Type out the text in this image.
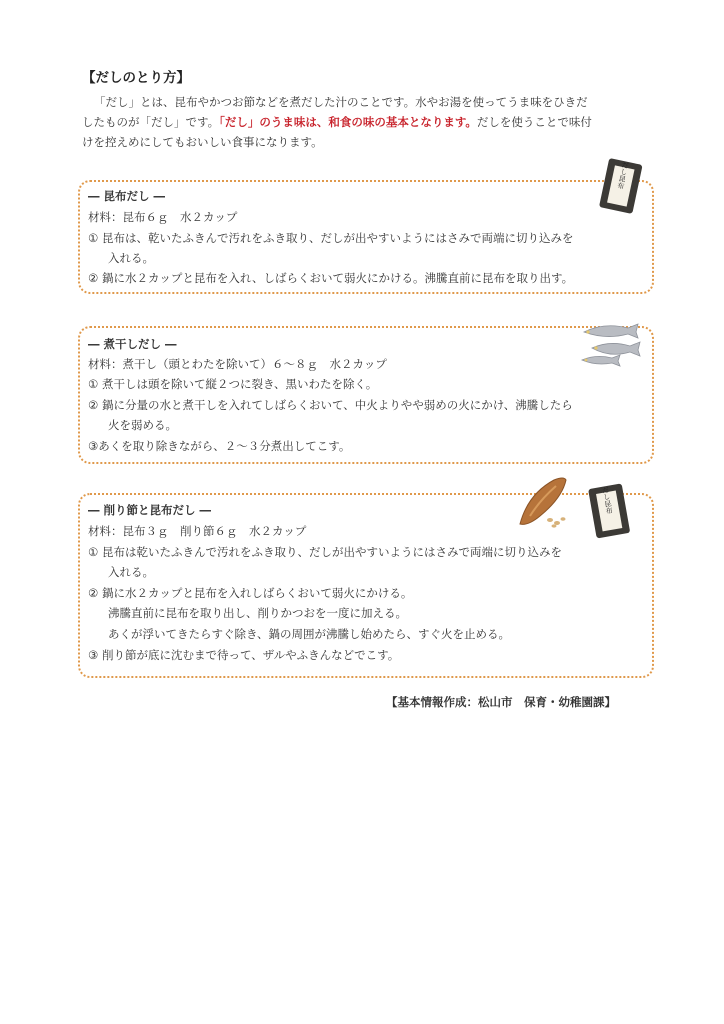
【だしのとり方】
「だし」とは、昆布やかつお節などを煮だした汁のことです。水やお湯を使ってうま味をひきだ
したものが「だし」です。「だし」のうま味は、和食の味の基本となります。だしを使うことで味付
けを控えめにしてもおいしい食事になります。
― 昆布だし ―
材料：昆布６ｇ　水２カップ
① 昆布は、乾いたふきんで汚れをふき取り、だしが出やすいようにはさみで両端に切り込みを
入れる。
② 鍋に水２カップと昆布を入れ、しばらくおいて弱火にかける。沸騰直前に昆布を取り出す。
だし昆布
― 煮干しだし ―
材料：煮干し（頭とわたを除いて）６～８ｇ　水２カップ
① 煮干しは頭を除いて縦２つに裂き、黒いわたを除く。
② 鍋に分量の水と煮干しを入れてしばらくおいて、中火よりやや弱めの火にかけ、沸騰したら
火を弱める。
③あくを取り除きながら、２～３分煮出してこす。
― 削り節と昆布だし ―
材料：昆布３ｇ　削り節６ｇ　水２カップ
① 昆布は乾いたふきんで汚れをふき取り、だしが出やすいようにはさみで両端に切り込みを
入れる。
② 鍋に水２カップと昆布を入れしばらくおいて弱火にかける。
沸騰直前に昆布を取り出し、削りかつおを一度に加える。
あくが浮いてきたらすぐ除き、鍋の周囲が沸騰し始めたら、すぐ火を止める。
③ 削り節が底に沈むまで待って、ザルやふきんなどでこす。
だし昆布
【基本情報作成：松山市　保育・幼稚園課】
